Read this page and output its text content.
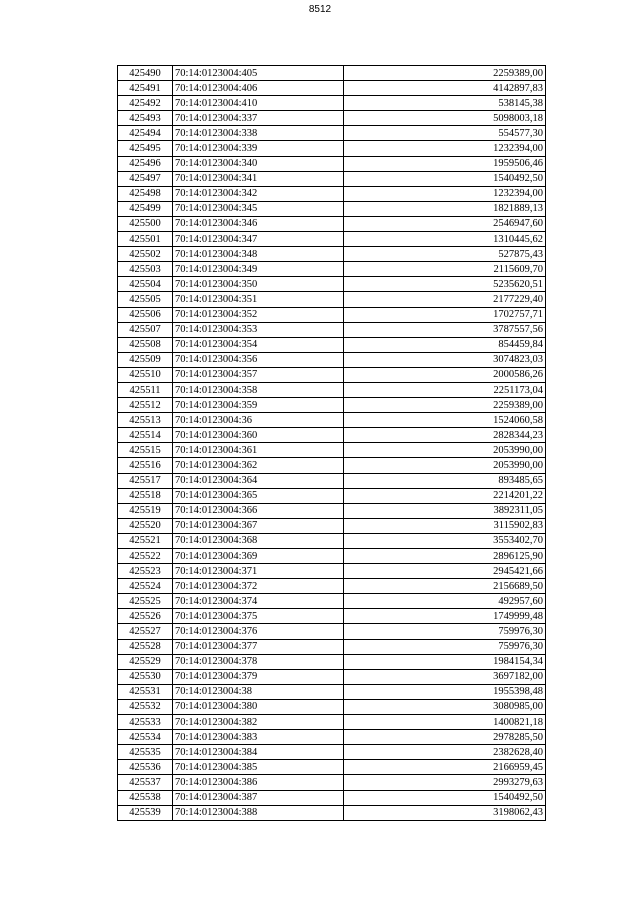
8512
425490	70:14:0123004:405	2259389,00
425491	70:14:0123004:406	4142897,83
425492	70:14:0123004:410	538145,38
425493	70:14:0123004:337	5098003,18
425494	70:14:0123004:338	554577,30
425495	70:14:0123004:339	1232394,00
425496	70:14:0123004:340	1959506,46
425497	70:14:0123004:341	1540492,50
425498	70:14:0123004:342	1232394,00
425499	70:14:0123004:345	1821889,13
425500	70:14:0123004:346	2546947,60
425501	70:14:0123004:347	1310445,62
425502	70:14:0123004:348	527875,43
425503	70:14:0123004:349	2115609,70
425504	70:14:0123004:350	5235620,51
425505	70:14:0123004:351	2177229,40
425506	70:14:0123004:352	1702757,71
425507	70:14:0123004:353	3787557,56
425508	70:14:0123004:354	854459,84
425509	70:14:0123004:356	3074823,03
425510	70:14:0123004:357	2000586,26
425511	70:14:0123004:358	2251173,04
425512	70:14:0123004:359	2259389,00
425513	70:14:0123004:36	1524060,58
425514	70:14:0123004:360	2828344,23
425515	70:14:0123004:361	2053990,00
425516	70:14:0123004:362	2053990,00
425517	70:14:0123004:364	893485,65
425518	70:14:0123004:365	2214201,22
425519	70:14:0123004:366	3892311,05
425520	70:14:0123004:367	3115902,83
425521	70:14:0123004:368	3553402,70
425522	70:14:0123004:369	2896125,90
425523	70:14:0123004:371	2945421,66
425524	70:14:0123004:372	2156689,50
425525	70:14:0123004:374	492957,60
425526	70:14:0123004:375	1749999,48
425527	70:14:0123004:376	759976,30
425528	70:14:0123004:377	759976,30
425529	70:14:0123004:378	1984154,34
425530	70:14:0123004:379	3697182,00
425531	70:14:0123004:38	1955398,48
425532	70:14:0123004:380	3080985,00
425533	70:14:0123004:382	1400821,18
425534	70:14:0123004:383	2978285,50
425535	70:14:0123004:384	2382628,40
425536	70:14:0123004:385	2166959,45
425537	70:14:0123004:386	2993279,63
425538	70:14:0123004:387	1540492,50
425539	70:14:0123004:388	3198062,43
